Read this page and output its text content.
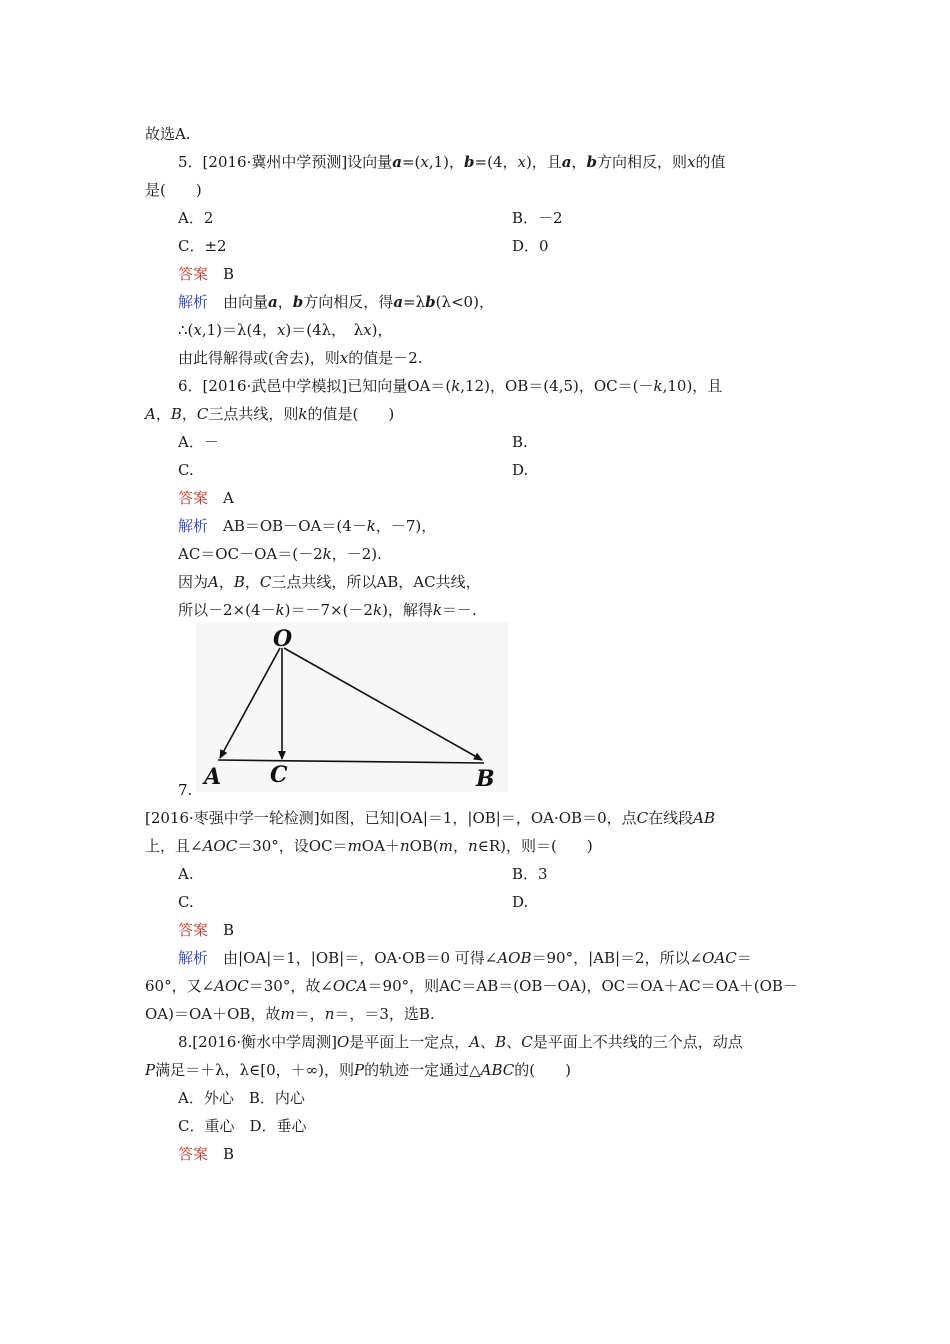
故选A.
5．[2016·冀州中学预测]设向量a=(x,1)，b=(4，x)，且a，b方向相反，则x的值
是(　　)
A．2	B．－2
C．±2	D．0
答案　 B
解析　 由向量a，b方向相反，得a=λb(λ<0)，
∴(x,1)＝λ(4，x)＝(4λ，　λx)，
由此得解得或(舍去)，则x的值是－2.
6．[2016·武邑中学模拟]已知向量OA＝(k,12)，OB＝(4,5)，OC＝(－k,10)，且
A，B，C三点共线，则k的值是(　　)
A．－	B.
C.	D.
答案　 A
解析　 AB＝OB－OA＝(4－k，－7)，
AC＝OC－OA＝(－2k，－2).
因为A，B，C三点共线，所以AB，AC共线，
所以－2×(4－k)＝－7×(－2k)，解得k＝－.
O
A C	B
7.
[2016·枣强中学一轮检测]如图，已知|OA|＝1，|OB|＝，OA·OB＝0，点C在线段AB
上，且∠AOC＝30°，设OC＝mOA＋nOB(m，n∈R)，则＝(　　)
A.	B．3
C.	D.
答案　 B
解析　 由|OA|＝1，|OB|＝，OA·OB＝0 可得∠AOB＝90°，|AB|＝2，所以∠OAC＝
60°，又∠AOC＝30°，故∠OCA＝90°，则AC＝AB＝(OB－OA)，OC＝OA＋AC＝OA＋(OB－
OA)＝OA＋OB，故m＝，n＝，＝3，选B.
8.[2016·衡水中学周测]O是平面上一定点，A、B、C是平面上不共线的三个点，动点
P满足＝＋λ，λ∈[0，＋∞)，则P的轨迹一定通过△ABC的(　　)
A．外心　B．内心
C．重心　D．垂心
答案　 B
